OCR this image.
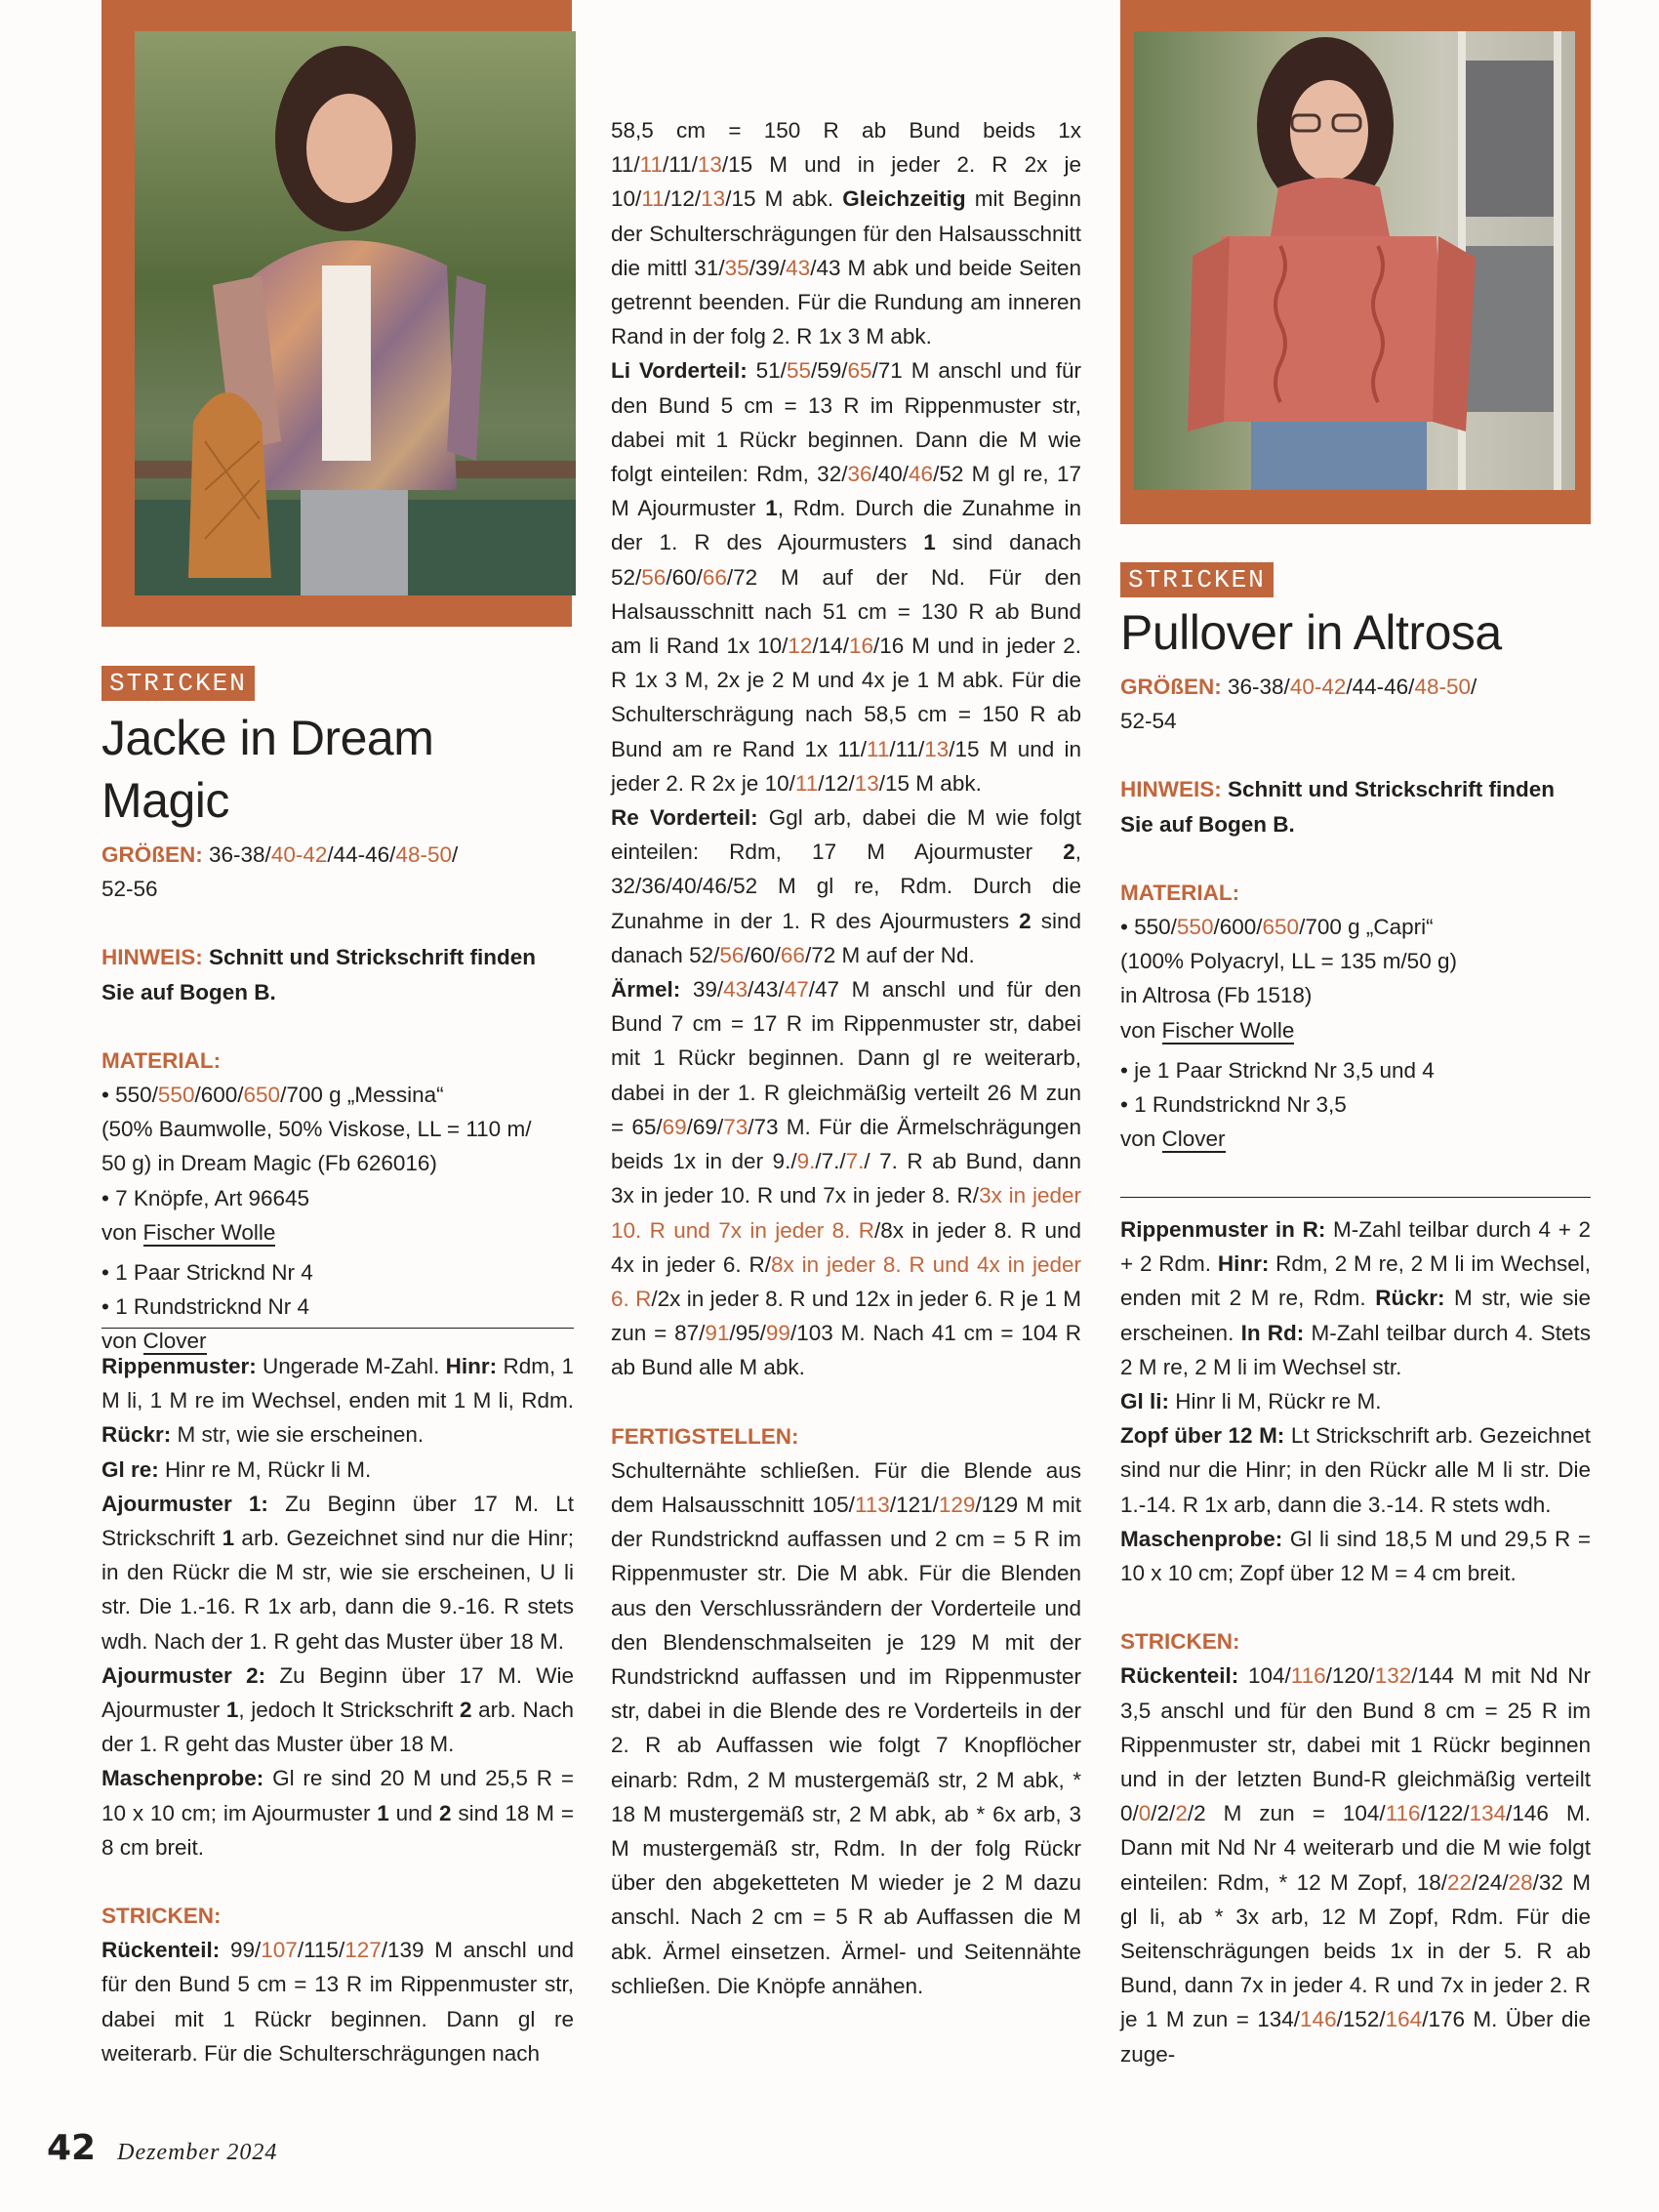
STRICKEN
Jacke in Dream Magic

GRÖßEN: 36-38/40-42/44-46/48-50/
52-56

HINWEIS: Schnitt und Strickschrift finden Sie auf Bogen B.

MATERIAL:

• 550/550/600/650/700 g „Messina“
(50% Baumwolle, 50% Viskose, LL = 110 m/
50 g) in Dream Magic (Fb 626016)

• 7 Knöpfe, Art 96645

von Fischer Wolle

• 1 Paar Stricknd Nr 4

• 1 Rundstricknd Nr 4

von Clover

Rippenmuster: Ungerade M-Zahl. Hinr: Rdm, 1 M li, 1 M re im Wechsel, enden mit 1 M li, Rdm. Rückr: M str, wie sie erscheinen.

Gl re: Hinr re M, Rückr li M.

Ajourmuster 1: Zu Beginn über 17 M. Lt Strickschrift 1 arb. Gezeichnet sind nur die Hinr; in den Rückr die M str, wie sie erscheinen, U li str. Die 1.-16. R 1x arb, dann die 9.-16. R stets wdh. Nach der 1. R geht das Muster über 18 M.

Ajourmuster 2: Zu Beginn über 17 M. Wie Ajourmuster 1, jedoch lt Strickschrift 2 arb. Nach der 1. R geht das Muster über 18 M.

Maschenprobe: Gl re sind 20 M und 25,5 R = 10 x 10 cm; im Ajourmuster 1 und 2 sind 18 M = 8 cm breit.

STRICKEN:

Rückenteil: 99/107/115/127/139 M anschl und für den Bund 5 cm = 13 R im Rippenmuster str, dabei mit 1 Rückr beginnen. Dann gl re weiterarb. Für die Schulterschrägungen nach

58,5 cm = 150 R ab Bund beids 1x 11/11/11/13/15 M und in jeder 2. R 2x je 10/11/12/13/15 M abk. Gleichzeitig mit Beginn der Schulterschrägungen für den Halsausschnitt die mittl 31/35/39/43/43 M abk und beide Seiten getrennt beenden. Für die Rundung am inneren Rand in der folg 2. R 1x 3 M abk.

Li Vorderteil: 51/55/59/65/71 M anschl und für den Bund 5 cm = 13 R im Rippenmuster str, dabei mit 1 Rückr beginnen. Dann die M wie folgt einteilen: Rdm, 32/36/40/46/52 M gl re, 17 M Ajourmuster 1, Rdm. Durch die Zunahme in der 1. R des Ajourmusters 1 sind danach 52/56/60/66/72 M auf der Nd. Für den Halsausschnitt nach 51 cm = 130 R ab Bund am li Rand 1x 10/12/14/16/16 M und in jeder 2. R 1x 3 M, 2x je 2 M und 4x je 1 M abk. Für die Schulterschrägung nach 58,5 cm = 150 R ab Bund am re Rand 1x 11/11/11/13/15 M und in jeder 2. R 2x je 10/11/12/13/15 M abk.

Re Vorderteil: Ggl arb, dabei die M wie folgt einteilen: Rdm, 17 M Ajourmuster 2, 32/36/40/46/52 M gl re, Rdm. Durch die Zunahme in der 1. R des Ajourmusters 2 sind danach 52/56/60/66/72 M auf der Nd.

Ärmel: 39/43/43/47/47 M anschl und für den Bund 7 cm = 17 R im Rippenmuster str, dabei mit 1 Rückr beginnen. Dann gl re weiterarb, dabei in der 1. R gleichmäßig verteilt 26 M zun = 65/69/69/73/73 M. Für die Ärmelschrägungen beids 1x in der 9./9./7./7./ 7. R ab Bund, dann 3x in jeder 10. R und 7x in jeder 8. R/3x in jeder 10. R und 7x in jeder 8. R/8x in jeder 8. R und 4x in jeder 6. R/8x in jeder 8. R und 4x in jeder 6. R/2x in jeder 8. R und 12x in jeder 6. R je 1 M zun = 87/91/95/99/103 M. Nach 41 cm = 104 R ab Bund alle M abk.

FERTIGSTELLEN:

Schulternähte schließen. Für die Blende aus dem Halsausschnitt 105/113/121/129/129 M mit der Rundstricknd auffassen und 2 cm = 5 R im Rippenmuster str. Die M abk. Für die Blenden aus den Verschlussrändern der Vorderteile und den Blendenschmalseiten je 129 M mit der Rundstricknd auffassen und im Rippenmuster str, dabei in die Blende des re Vorderteils in der 2. R ab Auffassen wie folgt 7 Knopflöcher einarb: Rdm, 2 M mustergemäß str, 2 M abk, * 18 M mustergemäß str, 2 M abk, ab * 6x arb, 3 M mustergemäß str, Rdm. In der folg Rückr über den abgeketteten M wieder je 2 M dazu anschl. Nach 2 cm = 5 R ab Auffassen die M abk. Ärmel einsetzen. Ärmel- und Seitennähte schließen. Die Knöpfe annähen.

STRICKEN
Pullover in Altrosa

GRÖßEN: 36-38/40-42/44-46/48-50/
52-54

HINWEIS: Schnitt und Strickschrift finden Sie auf Bogen B.

MATERIAL:

• 550/550/600/650/700 g „Capri“
(100% Polyacryl, LL = 135 m/50 g)
in Altrosa (Fb 1518)

von Fischer Wolle

• je 1 Paar Stricknd Nr 3,5 und 4

• 1 Rundstricknd Nr 3,5

von Clover

Rippenmuster in R: M-Zahl teilbar durch 4 + 2 + 2 Rdm. Hinr: Rdm, 2 M re, 2 M li im Wechsel, enden mit 2 M re, Rdm. Rückr: M str, wie sie erscheinen. In Rd: M-Zahl teilbar durch 4. Stets 2 M re, 2 M li im Wechsel str.

Gl li: Hinr li M, Rückr re M.

Zopf über 12 M: Lt Strickschrift arb. Gezeichnet sind nur die Hinr; in den Rückr alle M li str. Die 1.-14. R 1x arb, dann die 3.-14. R stets wdh.

Maschenprobe: Gl li sind 18,5 M und 29,5 R = 10 x 10 cm; Zopf über 12 M = 4 cm breit.

STRICKEN:

Rückenteil: 104/116/120/132/144 M mit Nd Nr 3,5 anschl und für den Bund 8 cm = 25 R im Rippenmuster str, dabei mit 1 Rückr beginnen und in der letzten Bund-R gleichmäßig verteilt 0/0/2/2/2 M zun = 104/116/122/134/146 M. Dann mit Nd Nr 4 weiterarb und die M wie folgt einteilen: Rdm, * 12 M Zopf, 18/22/24/28/32 M gl li, ab * 3x arb, 12 M Zopf, Rdm. Für die Seitenschrägungen beids 1x in der 5. R ab Bund, dann 7x in jeder 4. R und 7x in jeder 2. R je 1 M zun = 134/146/152/164/176 M. Über die zuge-

42 Dezember 2024
